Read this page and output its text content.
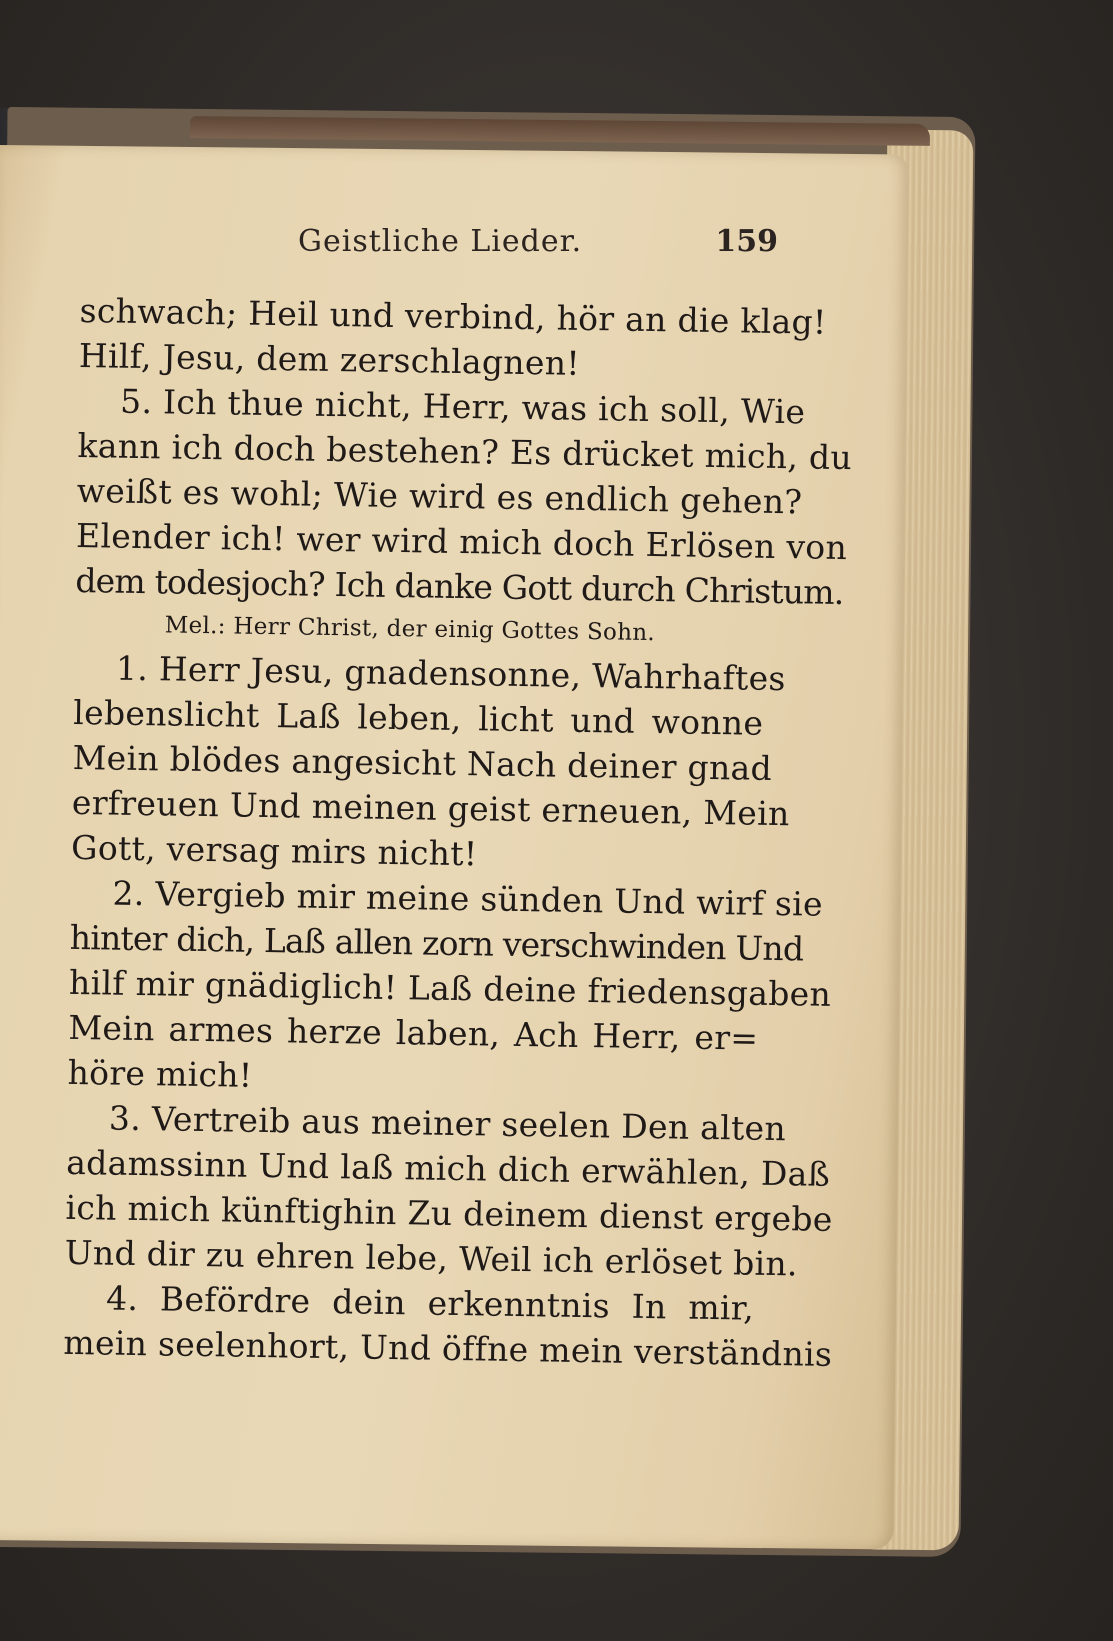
Geistliche Lieder.	159
schwach; Heil und verbind, hör an die klag!
Hilf, Jesu, dem zerschlagnen!
5. Ich thue nicht, Herr, was ich soll, Wie
kann ich doch bestehen? Es drücket mich, du
weißt es wohl; Wie wird es endlich gehen?
Elender ich! wer wird mich doch Erlösen von
dem todesjoch? Ich danke Gott durch Christum.
Mel.: Herr Christ, der einig Gottes Sohn.
1. Herr Jesu, gnadensonne, Wahrhaftes
lebenslicht Laß leben, licht und wonne
Mein blödes angesicht Nach deiner gnad
erfreuen Und meinen geist erneuen, Mein
Gott, versag mirs nicht!
2. Vergieb mir meine sünden Und wirf sie
hinter dich, Laß allen zorn verschwinden Und
hilf mir gnädiglich! Laß deine friedensgaben
Mein armes herze laben, Ach Herr, er=
höre mich!
3. Vertreib aus meiner seelen Den alten
adamssinn Und laß mich dich erwählen, Daß
ich mich künftighin Zu deinem dienst ergebe
Und dir zu ehren lebe, Weil ich erlöset bin.
4. Befördre dein erkenntnis In mir,
mein seelenhort, Und öffne mein verständnis
